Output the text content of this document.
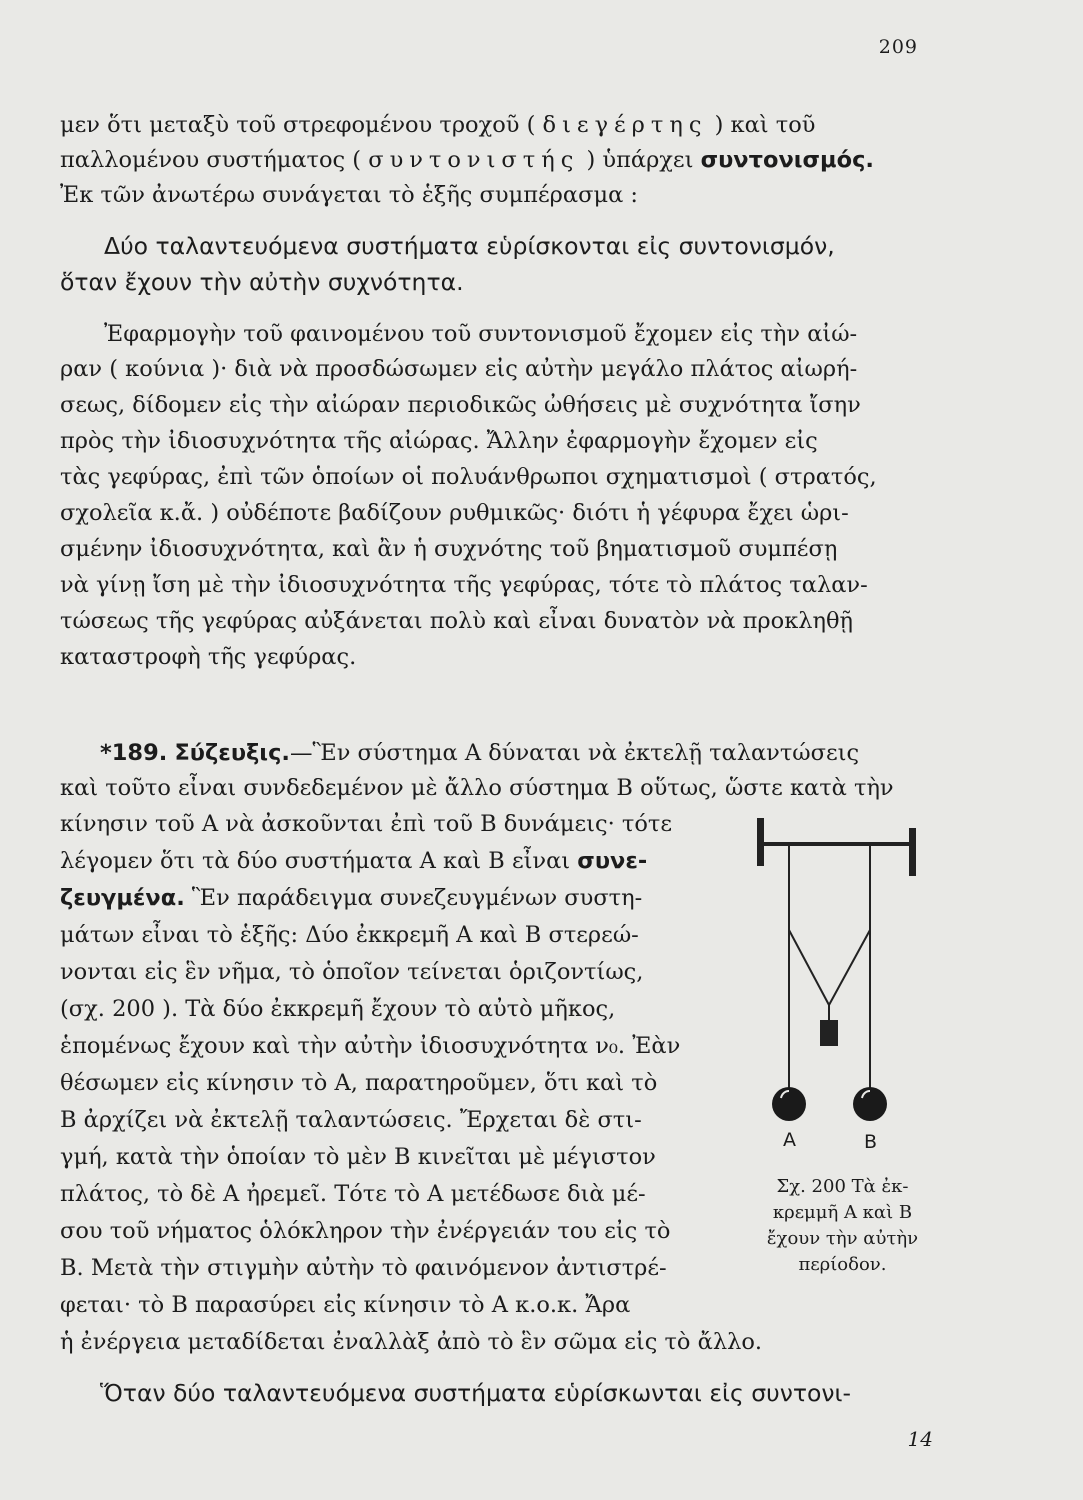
209
μεν ὅτι μεταξὺ τοῦ στρεφομένου τροχοῦ ( διεγέρτης ) καὶ τοῦ
παλλομένου συστήματος ( συντονιστής ) ὑπάρχει συντονισμός.
Ἐκ τῶν ἀνωτέρω συνάγεται τὸ ἑξῆς συμπέρασμα :
Δύο ταλαντευόμενα συστήματα εὑρίσκονται εἰς συντονισμόν,
ὅταν ἔχουν τὴν αὐτὴν συχνότητα.
Ἐφαρμογὴν τοῦ φαινομένου τοῦ συντονισμοῦ ἔχομεν εἰς τὴν αἰώ-
ραν ( κούνια )· διὰ νὰ προσδώσωμεν εἰς αὐτὴν μεγάλο πλάτος αἰωρή-
σεως, δίδομεν εἰς τὴν αἰώραν περιοδικῶς ὠθήσεις μὲ συχνότητα ἴσην
πρὸς τὴν ἰδιοσυχνότητα τῆς αἰώρας. Ἄλλην ἐφαρμογὴν ἔχομεν εἰς
τὰς γεφύρας, ἐπὶ τῶν ὁποίων οἱ πολυάνθρωποι σχηματισμοὶ ( στρατός,
σχολεῖα κ.ἄ. ) οὐδέποτε βαδίζουν ρυθμικῶς· διότι ἡ γέφυρα ἔχει ὡρι-
σμένην ἰδιοσυχνότητα, καὶ ἂν ἡ συχνότης τοῦ βηματισμοῦ συμπέσῃ
νὰ γίνῃ ἴση μὲ τὴν ἰδιοσυχνότητα τῆς γεφύρας, τότε τὸ πλάτος ταλαν-
τώσεως τῆς γεφύρας αὐξάνεται πολὺ καὶ εἶναι δυνατὸν νὰ προκληθῇ
καταστροφὴ τῆς γεφύρας.
*189. Σύζευξις.—Ἓν σύστημα A δύναται νὰ ἐκτελῇ ταλαντώσεις
καὶ τοῦτο εἶναι συνδεδεμένον μὲ ἄλλο σύστημα B οὕτως, ὥστε κατὰ τὴν
κίνησιν τοῦ A νὰ ἀσκοῦνται ἐπὶ τοῦ B δυνάμεις· τότε
λέγομεν ὅτι τὰ δύο συστήματα A καὶ B εἶναι συνε-
ζευγμένα. Ἓν παράδειγμα συνεζευγμένων συστη-
μάτων εἶναι τὸ ἑξῆς: Δύο ἐκκρεμῆ A καὶ B στερεώ-
νονται εἰς ἓν νῆμα, τὸ ὁποῖον τείνεται ὁριζοντίως,
(σχ. 200 ). Τὰ δύο ἐκκρεμῆ ἔχουν τὸ αὐτὸ μῆκος,
ἑπομένως ἔχουν καὶ τὴν αὐτὴν ἰδιοσυχνότητα ν₀. Ἐὰν
θέσωμεν εἰς κίνησιν τὸ A, παρατηροῦμεν, ὅτι καὶ τὸ
B ἀρχίζει νὰ ἐκτελῇ ταλαντώσεις. Ἔρχεται δὲ στι-
γμή, κατὰ τὴν ὁποίαν τὸ μὲν B κινεῖται μὲ μέγιστον
πλάτος, τὸ δὲ A ἠρεμεῖ. Τότε τὸ A μετέδωσε διὰ μέ-
σου τοῦ νήματος ὁλόκληρον τὴν ἐνέργειάν του εἰς τὸ
B. Μετὰ τὴν στιγμὴν αὐτὴν τὸ φαινόμενον ἀντιστρέ-
φεται· τὸ B παρασύρει εἰς κίνησιν τὸ A κ.ο.κ. Ἄρα
ἡ ἐνέργεια μεταδίδεται ἐναλλὰξ ἀπὸ τὸ ἓν σῶμα εἰς τὸ ἄλλο.
Ὅταν δύο ταλαντευόμενα συστήματα εὑρίσκωνται εἰς συντονι-
A	B
Σχ. 200 Τὰ ἐκ-
κρεμμῆ A καὶ B
ἔχουν τὴν αὐτὴν
περίοδον.
14
